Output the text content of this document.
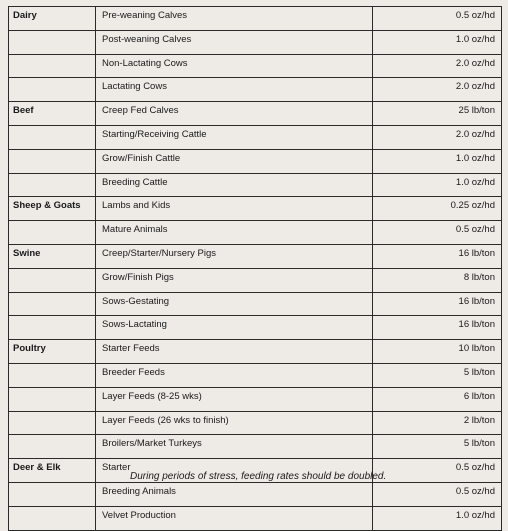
Dairy	Pre-weaning Calves	0.5 oz/hd
	Post-weaning Calves	1.0 oz/hd
	Non-Lactating Cows	2.0 oz/hd
	Lactating Cows	2.0 oz/hd
Beef	Creep Fed Calves	25 lb/ton
	Starting/Receiving Cattle	2.0 oz/hd
	Grow/Finish Cattle	1.0 oz/hd
	Breeding Cattle	1.0 oz/hd
Sheep & Goats	Lambs and Kids	0.25 oz/hd
	Mature Animals	0.5 oz/hd
Swine	Creep/Starter/Nursery Pigs	16 lb/ton
	Grow/Finish Pigs	8 lb/ton
	Sows-Gestating	16 lb/ton
	Sows-Lactating	16 lb/ton
Poultry	Starter Feeds	10 lb/ton
	Breeder Feeds	5 lb/ton
	Layer Feeds (8-25 wks)	6 lb/ton
	Layer Feeds (26 wks to finish)	2 lb/ton
	Broilers/Market Turkeys	5 lb/ton
Deer & Elk	Starter	0.5 oz/hd
	Breeding Animals	0.5 oz/hd
	Velvet Production	1.0 oz/hd
During periods of stress, feeding rates should be doubled.
